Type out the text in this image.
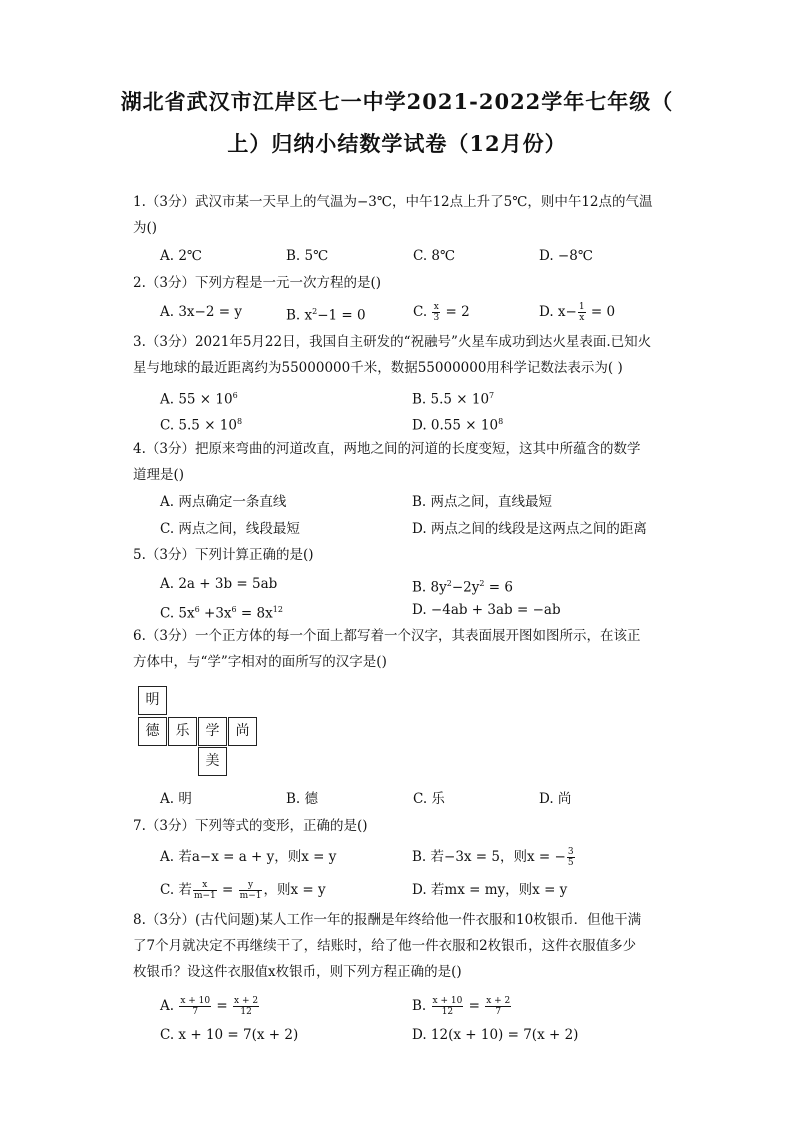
湖北省武汉市江岸区七一中学2021-2022学年七年级（
上）归纳小结数学试卷（12月份）
1.（3分）武汉市某一天早上的气温为−3℃，中午12点上升了5℃，则中午12点的气温
为()
A. 2℃	B. 5℃	C. 8℃	D. −8℃
2.（3分）下列方程是一元一次方程的是()
A. 3x−2 = y	B. $x^2-1 = 0$	C. $\frac{x}{3} = 2$	D. $x- \frac{1}{x} = 0$
3.（3分）2021年5月22日，我国自主研发的“祝融号”火星车成功到达火星表面.已知火
星与地球的最近距离约为55000000千米，数据55000000用科学记数法表示为( )
A. $55 \times 10^6$	B. $5.5 \times 10^7$
C. $5.5 \times 10^8$	D. $0.55 \times 10^8$
4.（3分）把原来弯曲的河道改直，两地之间的河道的长度变短，这其中所蕴含的数学
道理是()
A. 两点确定一条直线	B. 两点之间，直线最短
C. 两点之间，线段最短	D. 两点之间的线段是这两点之间的距离
5.（3分）下列计算正确的是()
A. 2a + 3b = 5ab	B. $8y^2-2y^2 = 6$
C. $5x^6 +3x^6 = 8x^{12}$	D. −4ab + 3ab = −ab
6.（3分）一个正方体的每一个面上都写着一个汉字，其表面展开图如图所示，在该正
方体中，与“学”字相对的面所写的汉字是()
明
德	乐	学	尚
美
A. 明	B. 德	C. 乐	D. 尚
7.（3分）下列等式的变形，正确的是()
A. 若a−x = a + y，则x = y	B. 若−3x = 5，则x = − $\frac{3}{5}$
C. 若 $\frac{x}{m-1} = \frac{y}{m-1}$ ，则x = y	D. 若mx = my，则x = y
8.（3分）(古代问题)某人工作一年的报酬是年终给他一件衣服和10枚银币．但他干满
了7个月就决定不再继续干了，结账时，给了他一件衣服和2枚银币，这件衣服值多少
枚银币？设这件衣服值x枚银币，则下列方程正确的是()
A. $\frac{x + 10}{7} = \frac{x + 2}{12}$	B. $\frac{x + 10}{12} = \frac{x + 2}{7}$
C. x + 10 = 7(x + 2)	D. 12(x + 10) = 7(x + 2)
